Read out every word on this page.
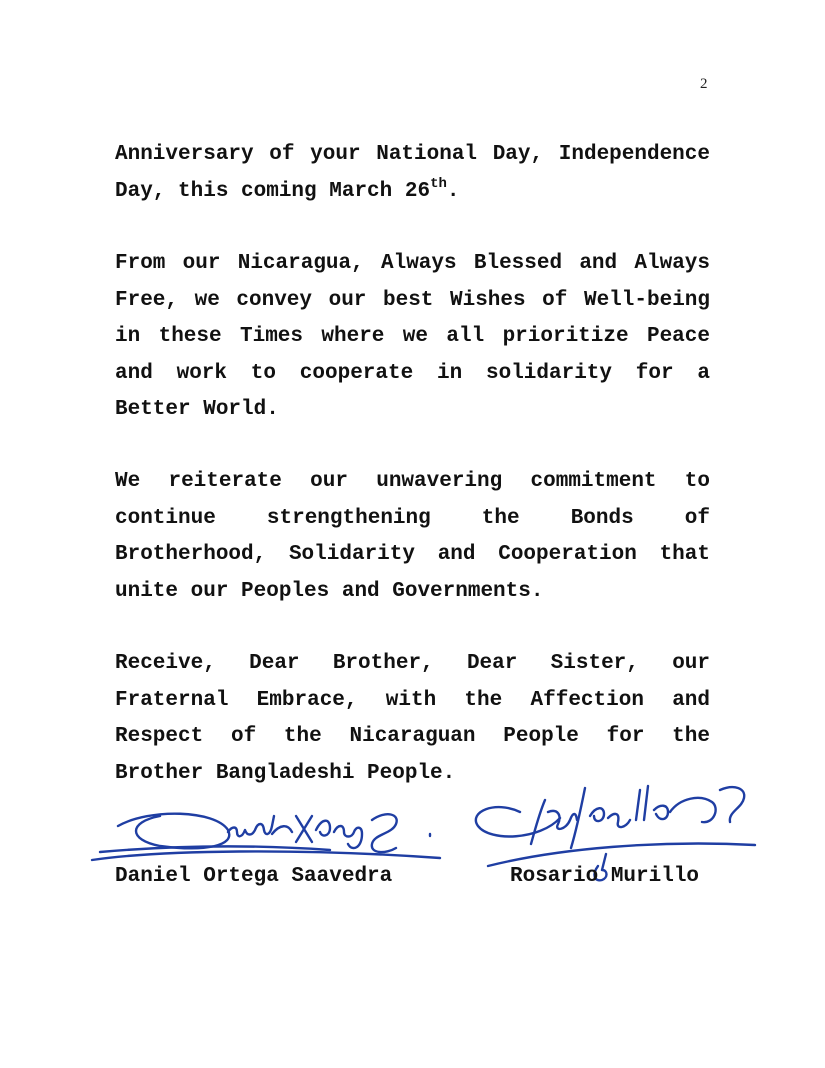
2

Anniversary of your National Day, Independence Day, this coming March 26th.

From our Nicaragua, Always Blessed and Always Free, we convey our best Wishes of Well-being in these Times where we all prioritize Peace and work to cooperate in solidarity for a Better World.

We reiterate our unwavering commitment to continue strengthening the Bonds of Brotherhood, Solidarity and Cooperation that unite our Peoples and Governments.

Receive, Dear Brother, Dear Sister, our Fraternal Embrace, with the Affection and Respect of the Nicaraguan People for the Brother Bangladeshi People.

Daniel Ortega Saavedra	Rosario Murillo
